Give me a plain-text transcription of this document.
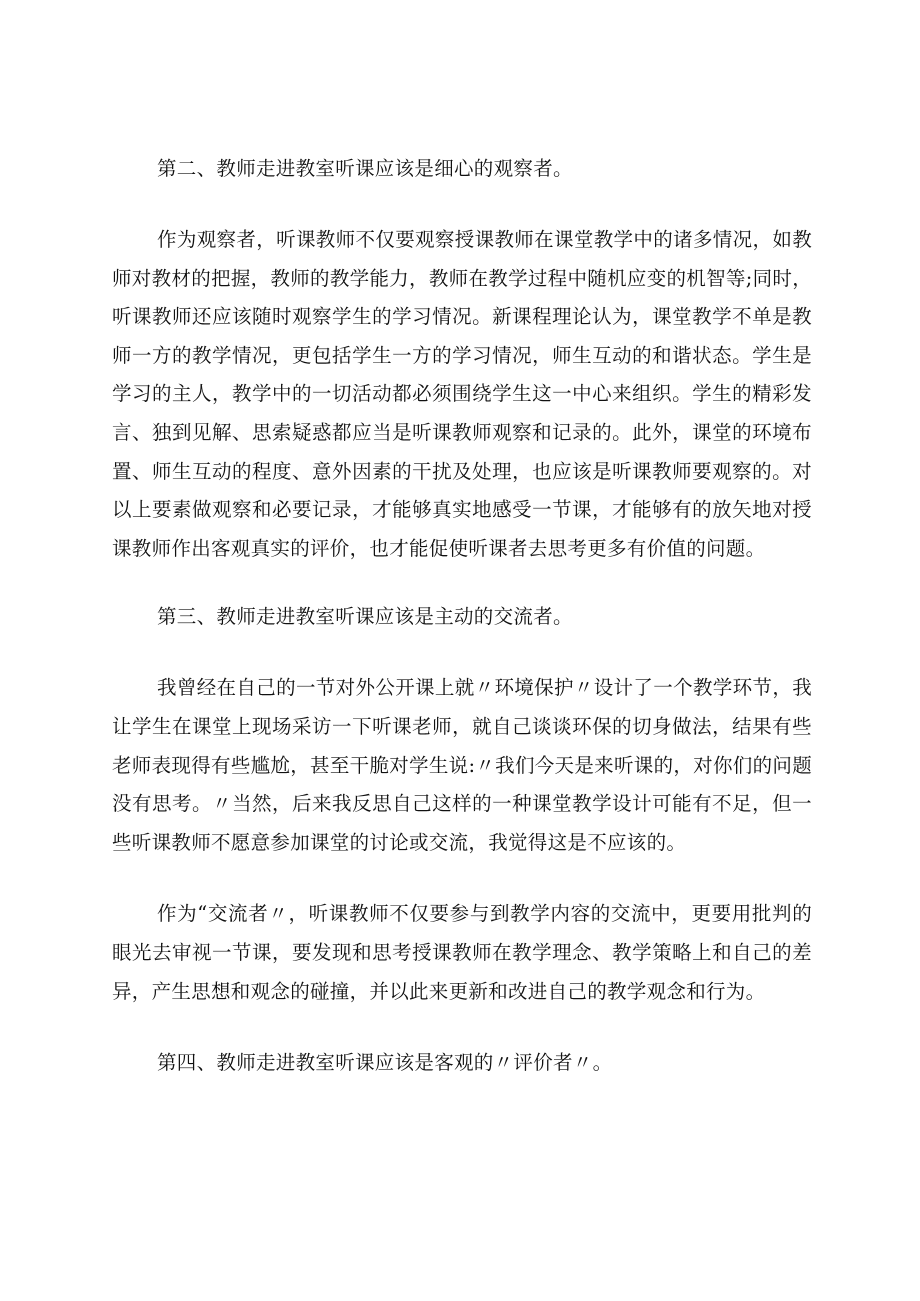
第二、教师走进教室听课应该是细心的观察者。

作为观察者，听课教师不仅要观察授课教师在课堂教学中的诸多情况，如教师对教材的把握，教师的教学能力，教师在教学过程中随机应变的机智等;同时，听课教师还应该随时观察学生的学习情况。新课程理论认为，课堂教学不单是教师一方的教学情况，更包括学生一方的学习情况，师生互动的和谐状态。学生是学习的主人，教学中的一切活动都必须围绕学生这一中心来组织。学生的精彩发言、独到见解、思索疑惑都应当是听课教师观察和记录的。此外，课堂的环境布置、师生互动的程度、意外因素的干扰及处理，也应该是听课教师要观察的。对以上要素做观察和必要记录，才能够真实地感受一节课，才能够有的放矢地对授课教师作出客观真实的评价，也才能促使听课者去思考更多有价值的问题。

第三、教师走进教室听课应该是主动的交流者。

我曾经在自己的一节对外公开课上就〃环境保护〃设计了一个教学环节，我让学生在课堂上现场采访一下听课老师，就自己谈谈环保的切身做法，结果有些老师表现得有些尴尬，甚至干脆对学生说:〃我们今天是来听课的，对你们的问题没有思考。〃当然，后来我反思自己这样的一种课堂教学设计可能有不足，但一些听课教师不愿意参加课堂的讨论或交流，我觉得这是不应该的。

作为“交流者〃，听课教师不仅要参与到教学内容的交流中，更要用批判的眼光去审视一节课，要发现和思考授课教师在教学理念、教学策略上和自己的差异，产生思想和观念的碰撞，并以此来更新和改进自己的教学观念和行为。

第四、教师走进教室听课应该是客观的〃评价者〃。
